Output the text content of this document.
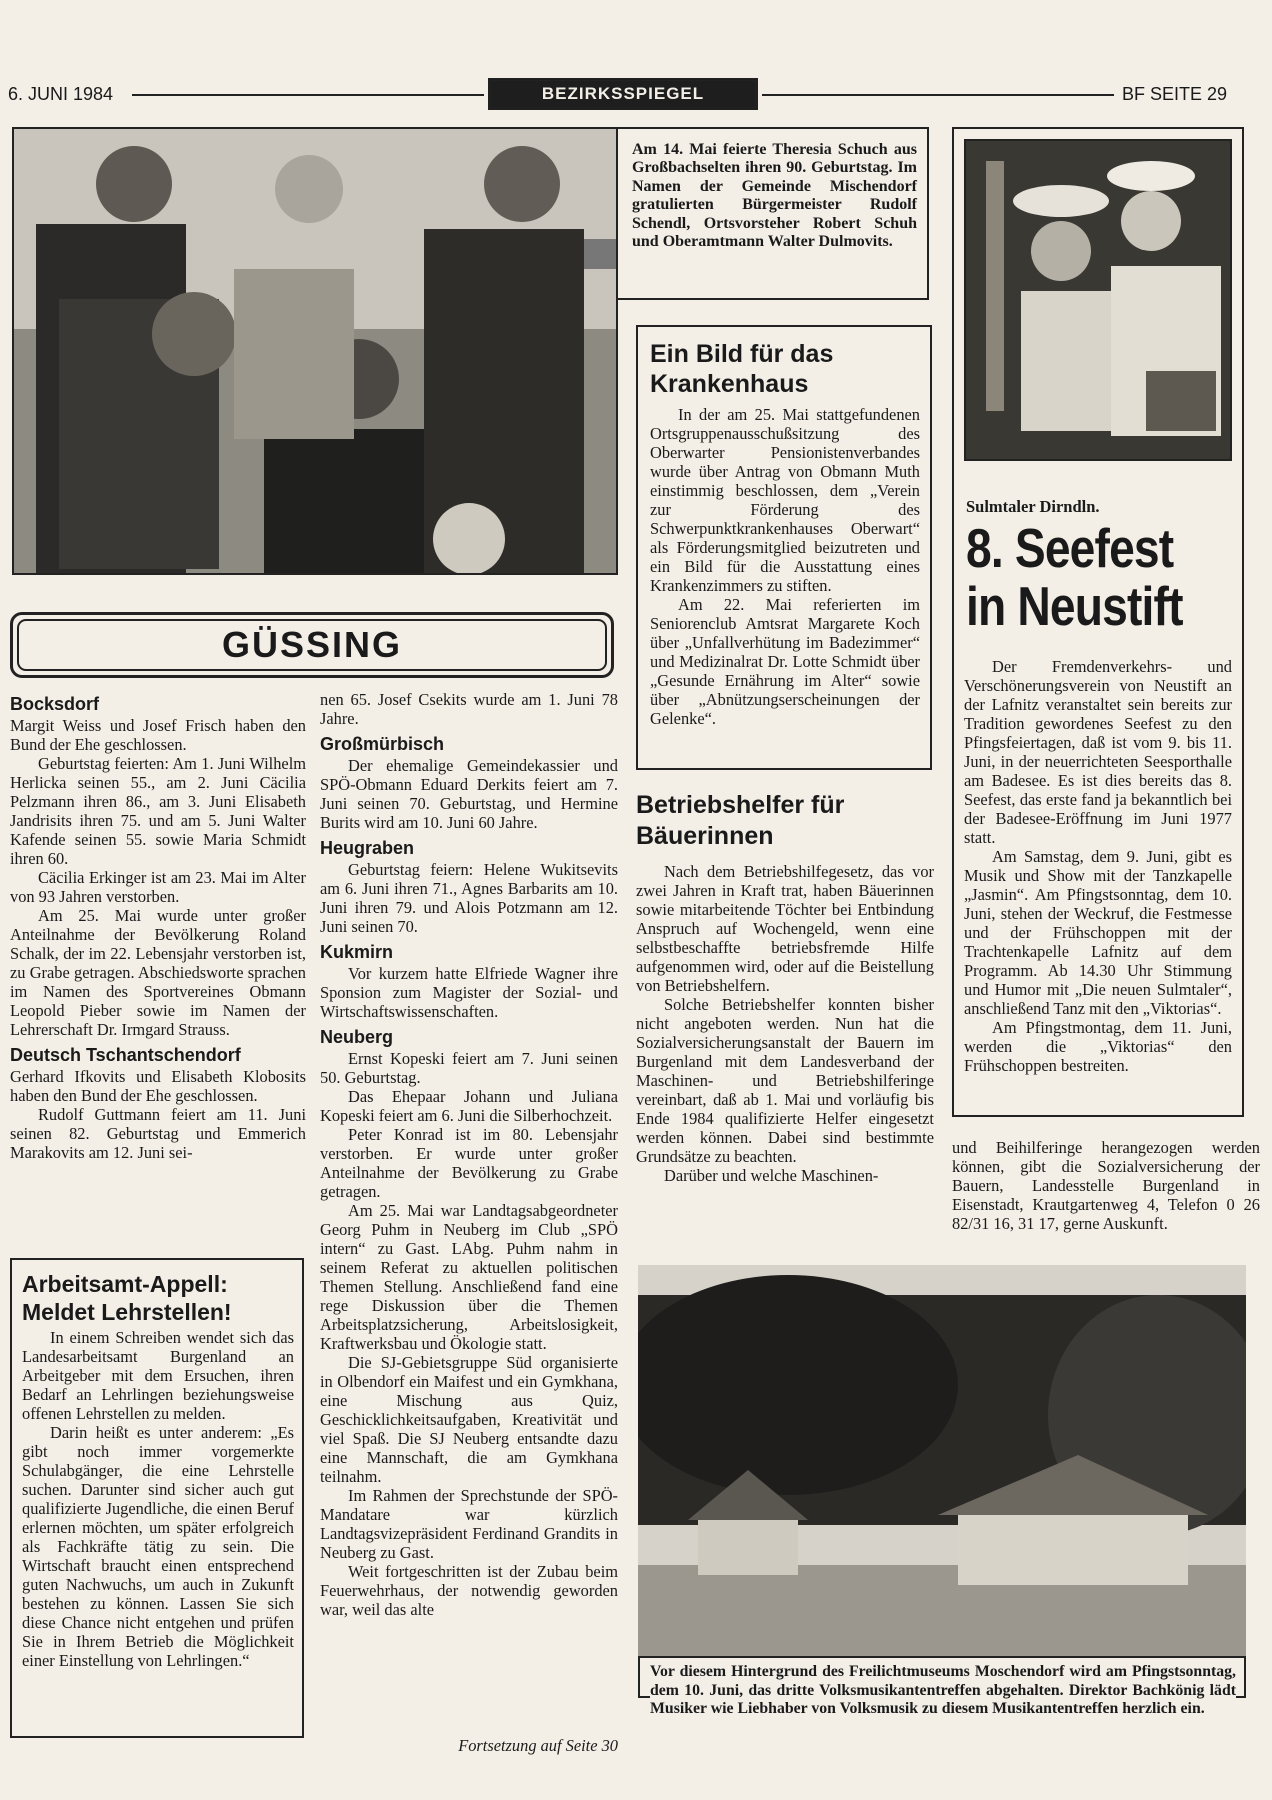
6. JUNI 1984	BEZIRKSSPIEGEL	BF SEITE 29
Am 14. Mai feierte Theresia Schuch aus Großbachselten ihren 90. Geburtstag. Im Namen der Gemeinde Mischendorf gratulierten Bürgermeister Rudolf Schendl, Ortsvorsteher Robert Schuh und Oberamtmann Walter Dulmovits.
Ein Bild für das Krankenhaus

In der am 25. Mai stattgefundenen Ortsgruppenausschußsitzung des Oberwarter Pensionistenverbandes wurde über Antrag von Obmann Muth einstimmig beschlossen, dem „Verein zur Förderung des Schwerpunktkrankenhauses Oberwart“ als Förderungsmitglied beizutreten und ein Bild für die Ausstattung eines Krankenzimmers zu stiften.

Am 22. Mai referierten im Seniorenclub Amtsrat Margarete Koch über „Unfallverhütung im Badezimmer“ und Medizinalrat Dr. Lotte Schmidt über „Gesunde Ernährung im Alter“ sowie über „Abnützungserscheinungen der Gelenke“.

Betriebshelfer für Bäuerinnen

Nach dem Betriebshilfegesetz, das vor zwei Jahren in Kraft trat, haben Bäuerinnen sowie mitarbeitende Töchter bei Entbindung Anspruch auf Wochengeld, wenn eine selbstbeschaffte betriebsfremde Hilfe aufgenommen wird, oder auf die Beistellung von Betriebshelfern.

Solche Betriebshelfer konnten bisher nicht angeboten werden. Nun hat die Sozialversicherungsanstalt der Bauern im Burgenland mit dem Landesverband der Maschinen- und Betriebshilferinge vereinbart, daß ab 1. Mai und vorläufig bis Ende 1984 qualifizierte Helfer eingesetzt werden können. Dabei sind bestimmte Grundsätze zu beachten.

Darüber und welche Maschinen-

und Beihilferinge herangezogen werden können, gibt die Sozialversicherung der Bauern, Landesstelle Burgenland in Eisenstadt, Krautgartenweg 4, Telefon 0 26 82/31 16, 31 17, gerne Auskunft.
Sulmtaler Dirndln.
8. Seefest
in Neustift

Der Fremdenverkehrs- und Verschönerungsverein von Neustift an der Lafnitz veranstaltet sein bereits zur Tradition gewordenes Seefest zu den Pfingsfeiertagen, daß ist vom 9. bis 11. Juni, in der neuerrichteten Seesporthalle am Badesee. Es ist dies bereits das 8. Seefest, das erste fand ja bekanntlich bei der Badesee-Eröffnung im Juni 1977 statt.

Am Samstag, dem 9. Juni, gibt es Musik und Show mit der Tanzkapelle „Jasmin“. Am Pfingstsonntag, dem 10. Juni, stehen der Weckruf, die Festmesse und der Frühschoppen mit der Trachtenkapelle Lafnitz auf dem Programm. Ab 14.30 Uhr Stimmung und Humor mit „Die neuen Sulmtaler“, anschließend Tanz mit den „Viktorias“.

Am Pfingstmontag, dem 11. Juni, werden die „Viktorias“ den Frühschoppen bestreiten.

GÜSSING
Bocksdorf

Margit Weiss und Josef Frisch haben den Bund der Ehe geschlossen.

Geburtstag feierten: Am 1. Juni Wilhelm Herlicka seinen 55., am 2. Juni Cäcilia Pelzmann ihren 86., am 3. Juni Elisabeth Jandrisits ihren 75. und am 5. Juni Walter Kafende seinen 55. sowie Maria Schmidt ihren 60.

Cäcilia Erkinger ist am 23. Mai im Alter von 93 Jahren verstorben.

Am 25. Mai wurde unter großer Anteilnahme der Bevölkerung Roland Schalk, der im 22. Lebensjahr verstorben ist, zu Grabe getragen. Abschiedsworte sprachen im Namen des Sportvereines Obmann Leopold Pieber sowie im Namen der Lehrerschaft Dr. Irmgard Strauss.

Deutsch Tschantschendorf

Gerhard Ifkovits und Elisabeth Klobosits haben den Bund der Ehe geschlossen.

Rudolf Guttmann feiert am 11. Juni seinen 82. Geburtstag und Emmerich Marakovits am 12. Juni sei-

Arbeitsamt-Appell: Meldet Lehrstellen!

In einem Schreiben wendet sich das Landesarbeitsamt Burgenland an Arbeitgeber mit dem Ersuchen, ihren Bedarf an Lehrlingen beziehungsweise offenen Lehrstellen zu melden.

Darin heißt es unter anderem: „Es gibt noch immer vorgemerkte Schulabgänger, die eine Lehrstelle suchen. Darunter sind sicher auch gut qualifizierte Jugendliche, die einen Beruf erlernen möchten, um später erfolgreich als Fachkräfte tätig zu sein. Die Wirtschaft braucht einen entsprechend guten Nachwuchs, um auch in Zukunft bestehen zu können. Lassen Sie sich diese Chance nicht entgehen und prüfen Sie in Ihrem Betrieb die Möglichkeit einer Einstellung von Lehrlingen.“

nen 65. Josef Csekits wurde am 1. Juni 78 Jahre.

Großmürbisch

Der ehemalige Gemeindekassier und SPÖ-Obmann Eduard Derkits feiert am 7. Juni seinen 70. Geburtstag, und Hermine Burits wird am 10. Juni 60 Jahre.

Heugraben

Geburtstag feiern: Helene Wukitsevits am 6. Juni ihren 71., Agnes Barbarits am 10. Juni ihren 79. und Alois Potzmann am 12. Juni seinen 70.

Kukmirn

Vor kurzem hatte Elfriede Wagner ihre Sponsion zum Magister der Sozial- und Wirtschaftswissenschaften.

Neuberg

Ernst Kopeski feiert am 7. Juni seinen 50. Geburtstag.

Das Ehepaar Johann und Juliana Kopeski feiert am 6. Juni die Silberhochzeit.

Peter Konrad ist im 80. Lebensjahr verstorben. Er wurde unter großer Anteilnahme der Bevölkerung zu Grabe getragen.

Am 25. Mai war Landtagsabgeordneter Georg Puhm in Neuberg im Club „SPÖ intern“ zu Gast. LAbg. Puhm nahm in seinem Referat zu aktuellen politischen Themen Stellung. Anschließend fand eine rege Diskussion über die Themen Arbeitsplatzsicherung, Arbeitslosigkeit, Kraftwerksbau und Ökologie statt.

Die SJ-Gebietsgruppe Süd organisierte in Olbendorf ein Maifest und ein Gymkhana, eine Mischung aus Quiz, Geschicklichkeitsaufgaben, Kreativität und viel Spaß. Die SJ Neuberg entsandte dazu eine Mannschaft, die am Gymkhana teilnahm.

Im Rahmen der Sprechstunde der SPÖ-Mandatare war kürzlich Landtagsvizepräsident Ferdinand Grandits in Neuberg zu Gast.

Weit fortgeschritten ist der Zubau beim Feuerwehrhaus, der notwendig geworden war, weil das alte

Fortsetzung auf Seite 30
Vor diesem Hintergrund des Freilichtmuseums Moschendorf wird am Pfingstsonntag, dem 10. Juni, das dritte Volksmusikantentreffen abgehalten. Direktor Bachkönig lädt Musiker wie Liebhaber von Volksmusik zu diesem Musikantentreffen herzlich ein.
